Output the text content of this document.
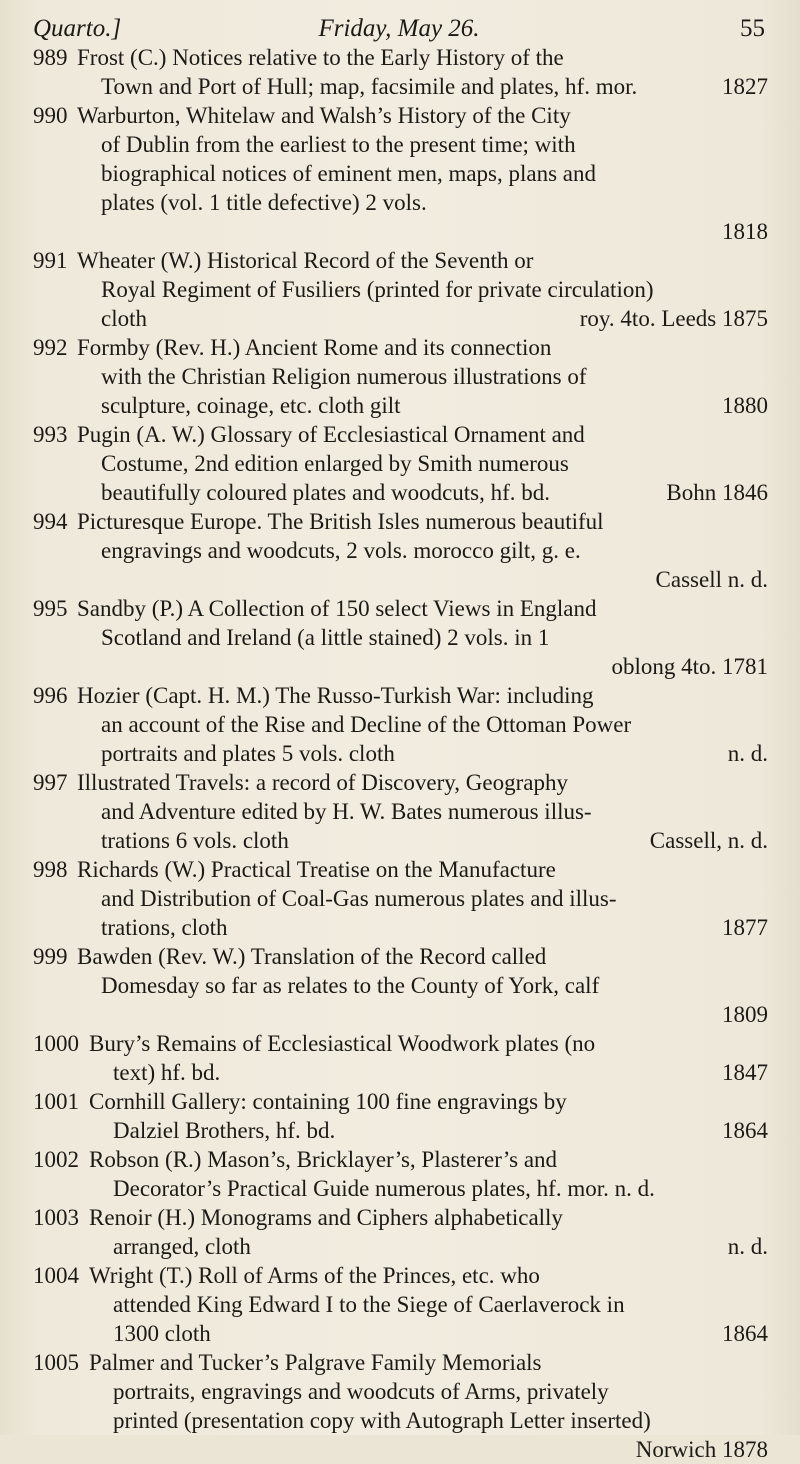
Quarto.]	Friday, May 26.	55
989 Frost (C.) Notices relative to the Early History of the
Town and Port of Hull; map, facsimile and plates, hf. mor.	1827
990 Warburton, Whitelaw and Walsh’s History of the City
of Dublin from the earliest to the present time; with
biographical notices of eminent men, maps, plans and
plates (vol. 1 title defective) 2 vols.
1818
991 Wheater (W.) Historical Record of the Seventh or
Royal Regiment of Fusiliers (printed for private circulation)
cloth	roy. 4to. Leeds 1875
992 Formby (Rev. H.) Ancient Rome and its connection
with the Christian Religion numerous illustrations of
sculpture, coinage, etc. cloth gilt	1880
993 Pugin (A. W.) Glossary of Ecclesiastical Ornament and
Costume, 2nd edition enlarged by Smith numerous
beautifully coloured plates and woodcuts, hf. bd.	Bohn 1846
994 Picturesque Europe. The British Isles numerous beautiful
engravings and woodcuts, 2 vols. morocco gilt, g. e.
Cassell n. d.
995 Sandby (P.) A Collection of 150 select Views in England
Scotland and Ireland (a little stained) 2 vols. in 1
oblong 4to. 1781
996 Hozier (Capt. H. M.) The Russo-Turkish War: including
an account of the Rise and Decline of the Ottoman Power
portraits and plates 5 vols. cloth	n. d.
997 Illustrated Travels: a record of Discovery, Geography
and Adventure edited by H. W. Bates numerous illus-
trations 6 vols. cloth	Cassell, n. d.
998 Richards (W.) Practical Treatise on the Manufacture
and Distribution of Coal-Gas numerous plates and illus-
trations, cloth	1877
999 Bawden (Rev. W.) Translation of the Record called
Domesday so far as relates to the County of York, calf
1809
1000 Bury’s Remains of Ecclesiastical Woodwork plates (no
text) hf. bd.	1847
1001 Cornhill Gallery: containing 100 fine engravings by
Dalziel Brothers, hf. bd.	1864
1002 Robson (R.) Mason’s, Bricklayer’s, Plasterer’s and
Decorator’s Practical Guide numerous plates, hf. mor. n. d.
1003 Renoir (H.) Monograms and Ciphers alphabetically
arranged, cloth	n. d.
1004 Wright (T.) Roll of Arms of the Princes, etc. who
attended King Edward I to the Siege of Caerlaverock in
1300 cloth	1864
1005 Palmer and Tucker’s Palgrave Family Memorials
portraits, engravings and woodcuts of Arms, privately
printed (presentation copy with Autograph Letter inserted)
Norwich 1878
